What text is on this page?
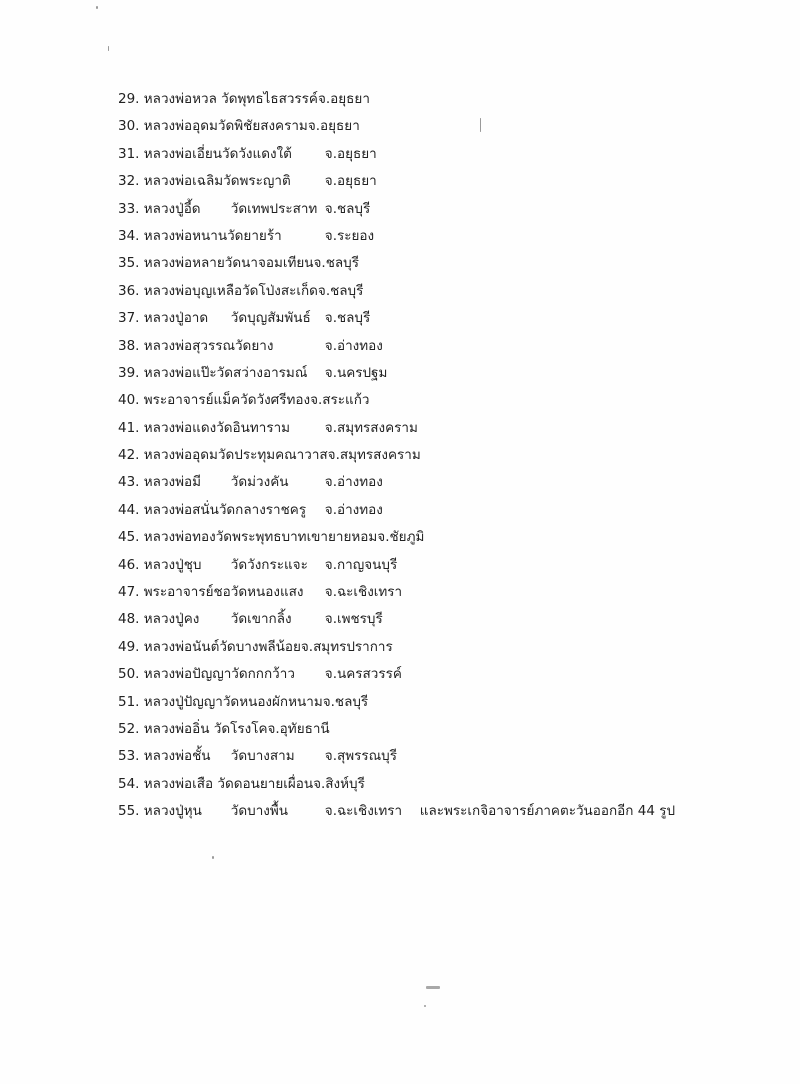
29. หลวงพ่อหวล วัดพุทธไธสวรรค์จ.อยุธยา
30. หลวงพ่ออุดมวัดพิชัยสงครามจ.อยุธยา
31. หลวงพ่อเอี่ยนวัดวังแดงใต้ จ.อยุธยา
32. หลวงพ่อเฉลิมวัดพระญาติ	จ.อยุธยา
33. หลวงปู่อี้ด วัดเทพประสาท จ.ชลบุรี
34. หลวงพ่อหนานวัดยายร้า	จ.ระยอง
35. หลวงพ่อหลายวัดนาจอมเทียนจ.ชลบุรี
36. หลวงพ่อบุญเหลือวัดโป่งสะเก็ดจ.ชลบุรี
37. หลวงปู่อาด วัดบุญสัมพันธ์ จ.ชลบุรี
38. หลวงพ่อสุวรรณวัดยาง	จ.อ่างทอง
39. หลวงพ่อแป๊ะวัดสว่างอารมณ์ จ.นครปฐม
40. พระอาจารย์แม็ควัดวังศรีทองจ.สระแก้ว
41. หลวงพ่อแดงวัดอินทาราม	จ.สมุทรสงคราม
42. หลวงพ่ออุดมวัดประทุมคณาวาสจ.สมุทรสงคราม
43. หลวงพ่อมี วัดม่วงคัน	จ.อ่างทอง
44. หลวงพ่อสนั่นวัดกลางราชครู จ.อ่างทอง
45. หลวงพ่อทองวัดพระพุทธบาทเขายายหอมจ.ชัยภูมิ
46. หลวงปู่ชุบ วัดวังกระแจะ จ.กาญจนบุรี
47. พระอาจารย์ชอวัดหนองแสง จ.ฉะเชิงเทรา
48. หลวงปู่คง วัดเขากลิ้ง จ.เพชรบุรี
49. หลวงพ่อนันต์วัดบางพลีน้อยจ.สมุทรปราการ
50. หลวงพ่อปัญญาวัดกกกว้าว จ.นครสวรรค์
51. หลวงปู่ปัญญาวัดหนองผักหนามจ.ชลบุรี
52. หลวงพ่ออิ่น วัดโรงโคจ.อุทัยธานี
53. หลวงพ่อชั้น วัดบางสาม จ.สุพรรณบุรี
54. หลวงพ่อเสือ วัดดอนยายเผื่อนจ.สิงห์บุรี
55. หลวงปู่หุน วัดบางพื้น	จ.ฉะเชิงเทรา และพระเกจิอาจารย์ภาคตะวันออกอีก 44 รูป
